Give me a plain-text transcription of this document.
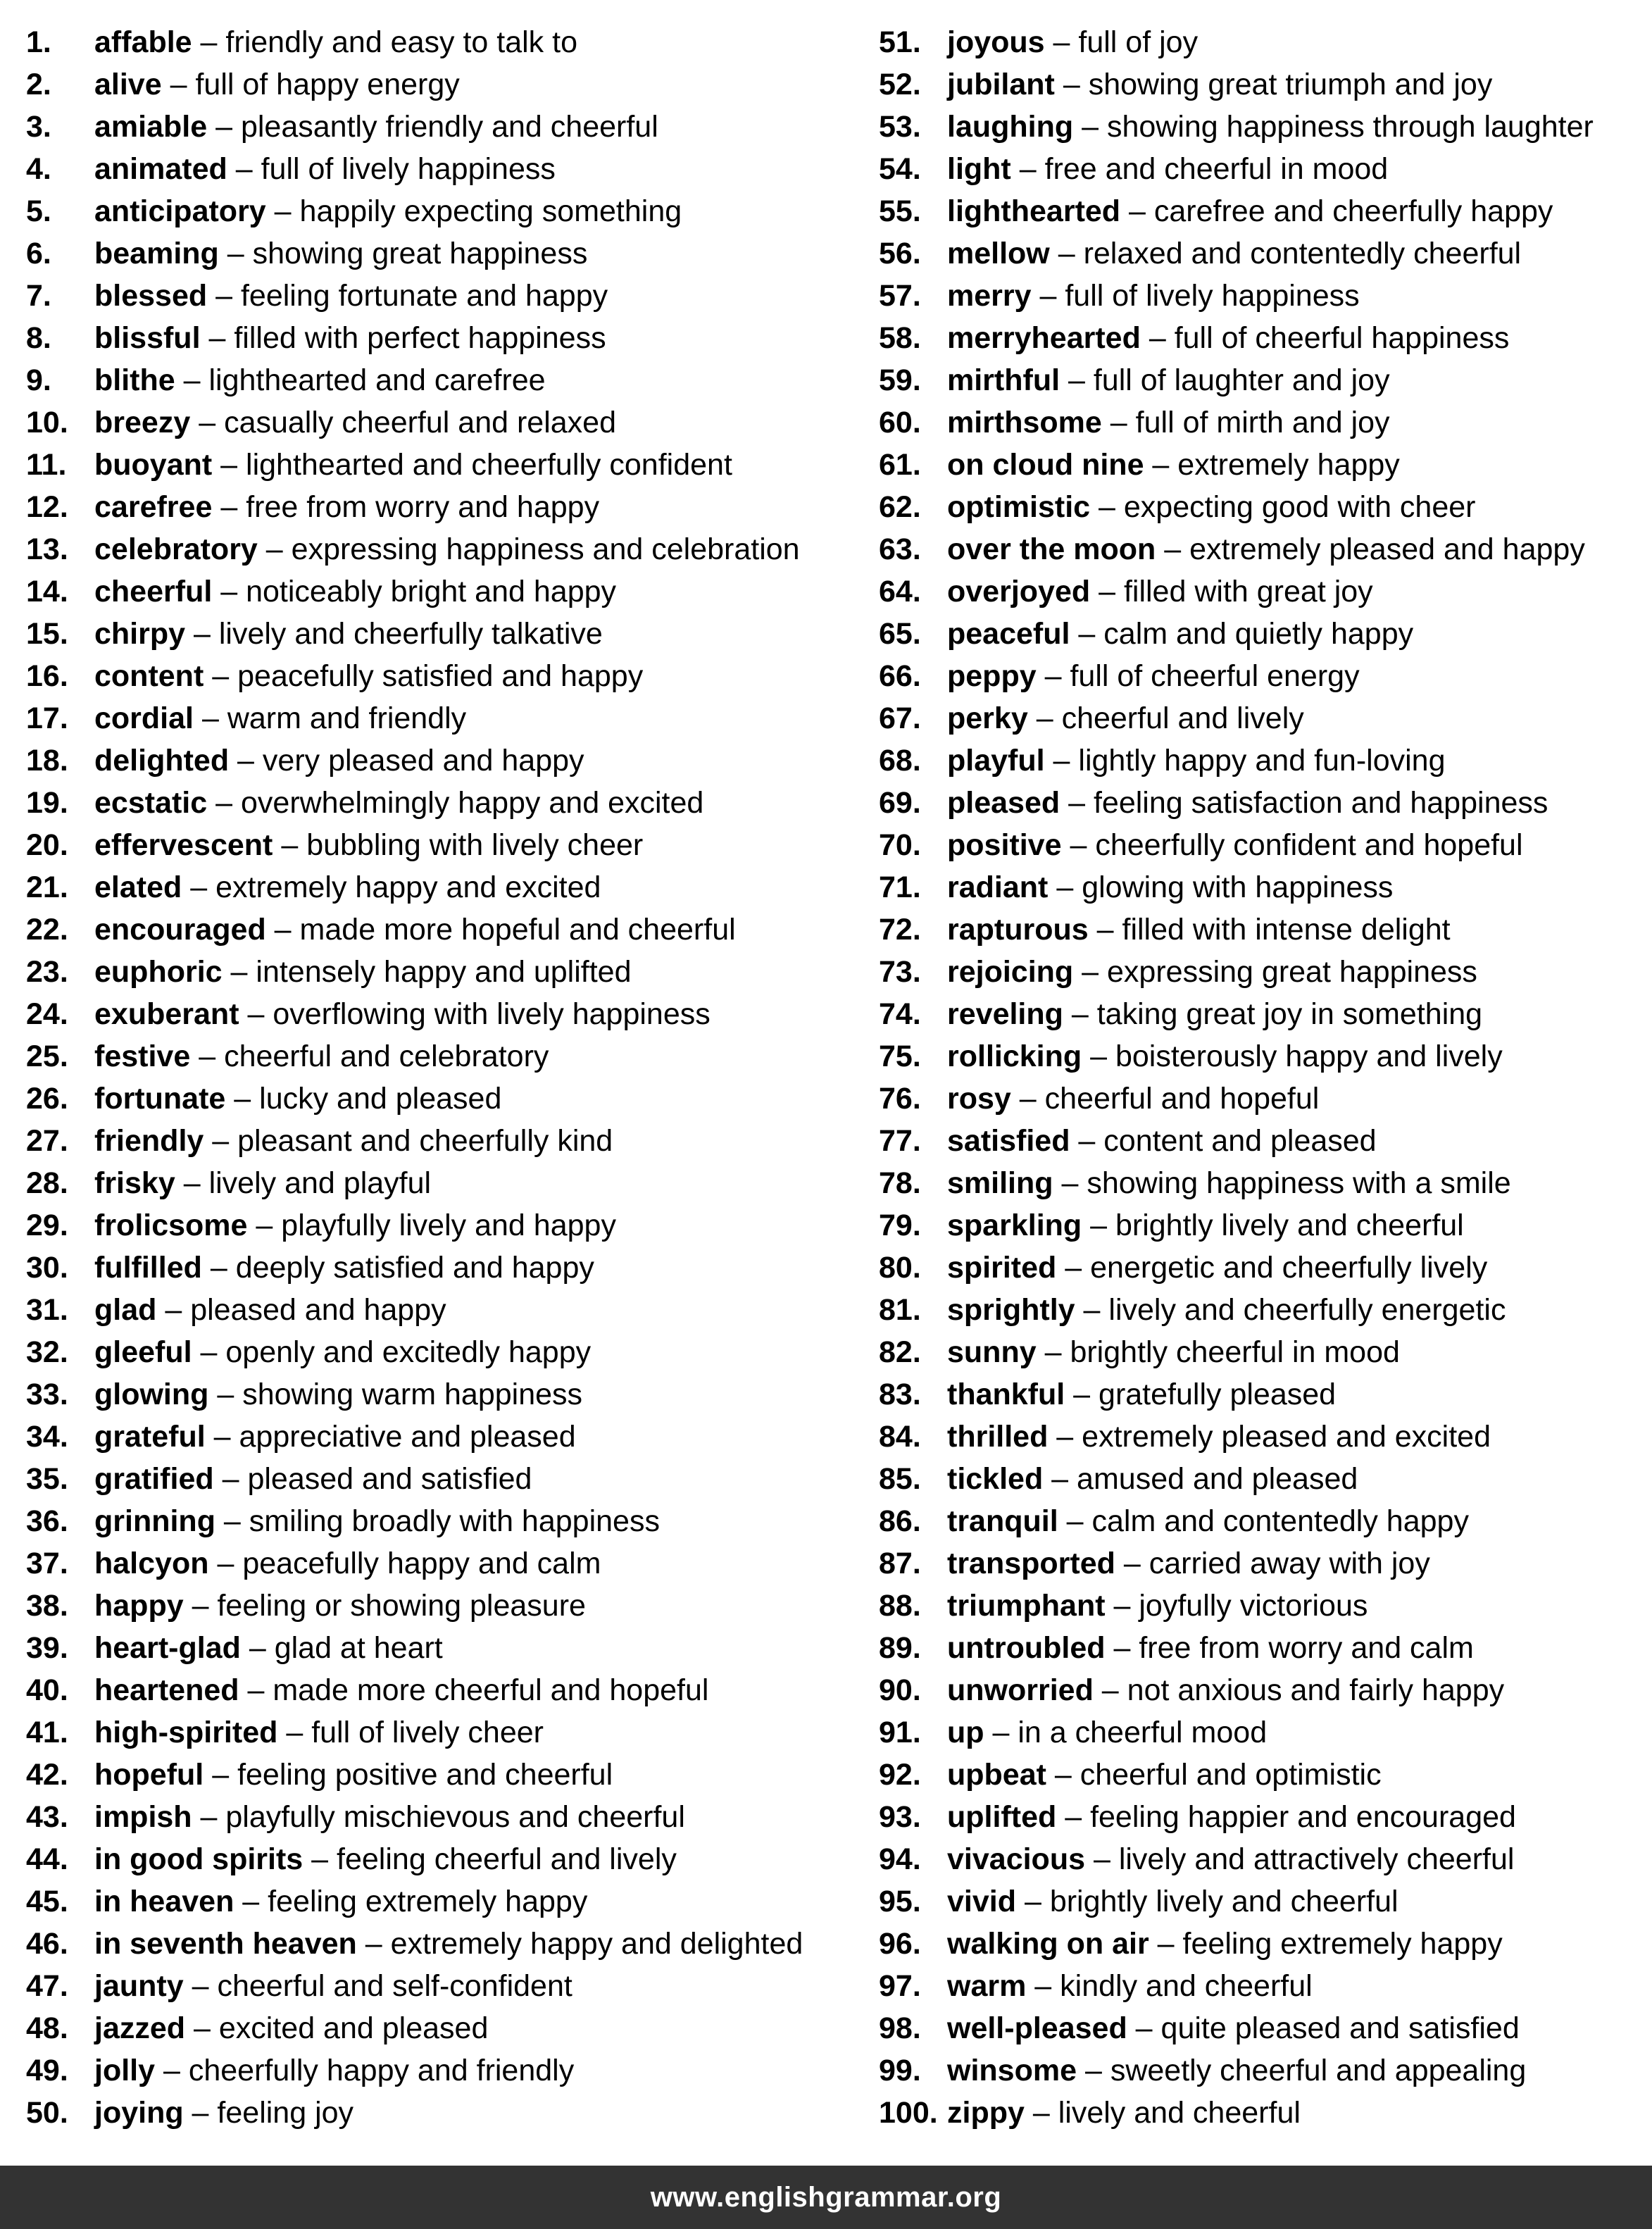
1. affable – friendly and easy to talk to
2. alive – full of happy energy
3. amiable – pleasantly friendly and cheerful
4. animated – full of lively happiness
5. anticipatory – happily expecting something
6. beaming – showing great happiness
7. blessed – feeling fortunate and happy
8. blissful – filled with perfect happiness
9. blithe – lighthearted and carefree
10. breezy – casually cheerful and relaxed
11. buoyant – lighthearted and cheerfully confident
12. carefree – free from worry and happy
13. celebratory – expressing happiness and celebration
14. cheerful – noticeably bright and happy
15. chirpy – lively and cheerfully talkative
16. content – peacefully satisfied and happy
17. cordial – warm and friendly
18. delighted – very pleased and happy
19. ecstatic – overwhelmingly happy and excited
20. effervescent – bubbling with lively cheer
21. elated – extremely happy and excited
22. encouraged – made more hopeful and cheerful
23. euphoric – intensely happy and uplifted
24. exuberant – overflowing with lively happiness
25. festive – cheerful and celebratory
26. fortunate – lucky and pleased
27. friendly – pleasant and cheerfully kind
28. frisky – lively and playful
29. frolicsome – playfully lively and happy
30. fulfilled – deeply satisfied and happy
31. glad – pleased and happy
32. gleeful – openly and excitedly happy
33. glowing – showing warm happiness
34. grateful – appreciative and pleased
35. gratified – pleased and satisfied
36. grinning – smiling broadly with happiness
37. halcyon – peacefully happy and calm
38. happy – feeling or showing pleasure
39. heart-glad – glad at heart
40. heartened – made more cheerful and hopeful
41. high-spirited – full of lively cheer
42. hopeful – feeling positive and cheerful
43. impish – playfully mischievous and cheerful
44. in good spirits – feeling cheerful and lively
45. in heaven – feeling extremely happy
46. in seventh heaven – extremely happy and delighted
47. jaunty – cheerful and self-confident
48. jazzed – excited and pleased
49. jolly – cheerfully happy and friendly
50. joying – feeling joy
51. joyous – full of joy
52. jubilant – showing great triumph and joy
53. laughing – showing happiness through laughter
54. light – free and cheerful in mood
55. lighthearted – carefree and cheerfully happy
56. mellow – relaxed and contentedly cheerful
57. merry – full of lively happiness
58. merryhearted – full of cheerful happiness
59. mirthful – full of laughter and joy
60. mirthsome – full of mirth and joy
61. on cloud nine – extremely happy
62. optimistic – expecting good with cheer
63. over the moon – extremely pleased and happy
64. overjoyed – filled with great joy
65. peaceful – calm and quietly happy
66. peppy – full of cheerful energy
67. perky – cheerful and lively
68. playful – lightly happy and fun-loving
69. pleased – feeling satisfaction and happiness
70. positive – cheerfully confident and hopeful
71. radiant – glowing with happiness
72. rapturous – filled with intense delight
73. rejoicing – expressing great happiness
74. reveling – taking great joy in something
75. rollicking – boisterously happy and lively
76. rosy – cheerful and hopeful
77. satisfied – content and pleased
78. smiling – showing happiness with a smile
79. sparkling – brightly lively and cheerful
80. spirited – energetic and cheerfully lively
81. sprightly – lively and cheerfully energetic
82. sunny – brightly cheerful in mood
83. thankful – gratefully pleased
84. thrilled – extremely pleased and excited
85. tickled – amused and pleased
86. tranquil – calm and contentedly happy
87. transported – carried away with joy
88. triumphant – joyfully victorious
89. untroubled – free from worry and calm
90. unworried – not anxious and fairly happy
91. up – in a cheerful mood
92. upbeat – cheerful and optimistic
93. uplifted – feeling happier and encouraged
94. vivacious – lively and attractively cheerful
95. vivid – brightly lively and cheerful
96. walking on air – feeling extremely happy
97. warm – kindly and cheerful
98. well-pleased – quite pleased and satisfied
99. winsome – sweetly cheerful and appealing
100. zippy – lively and cheerful
www.englishgrammar.org
